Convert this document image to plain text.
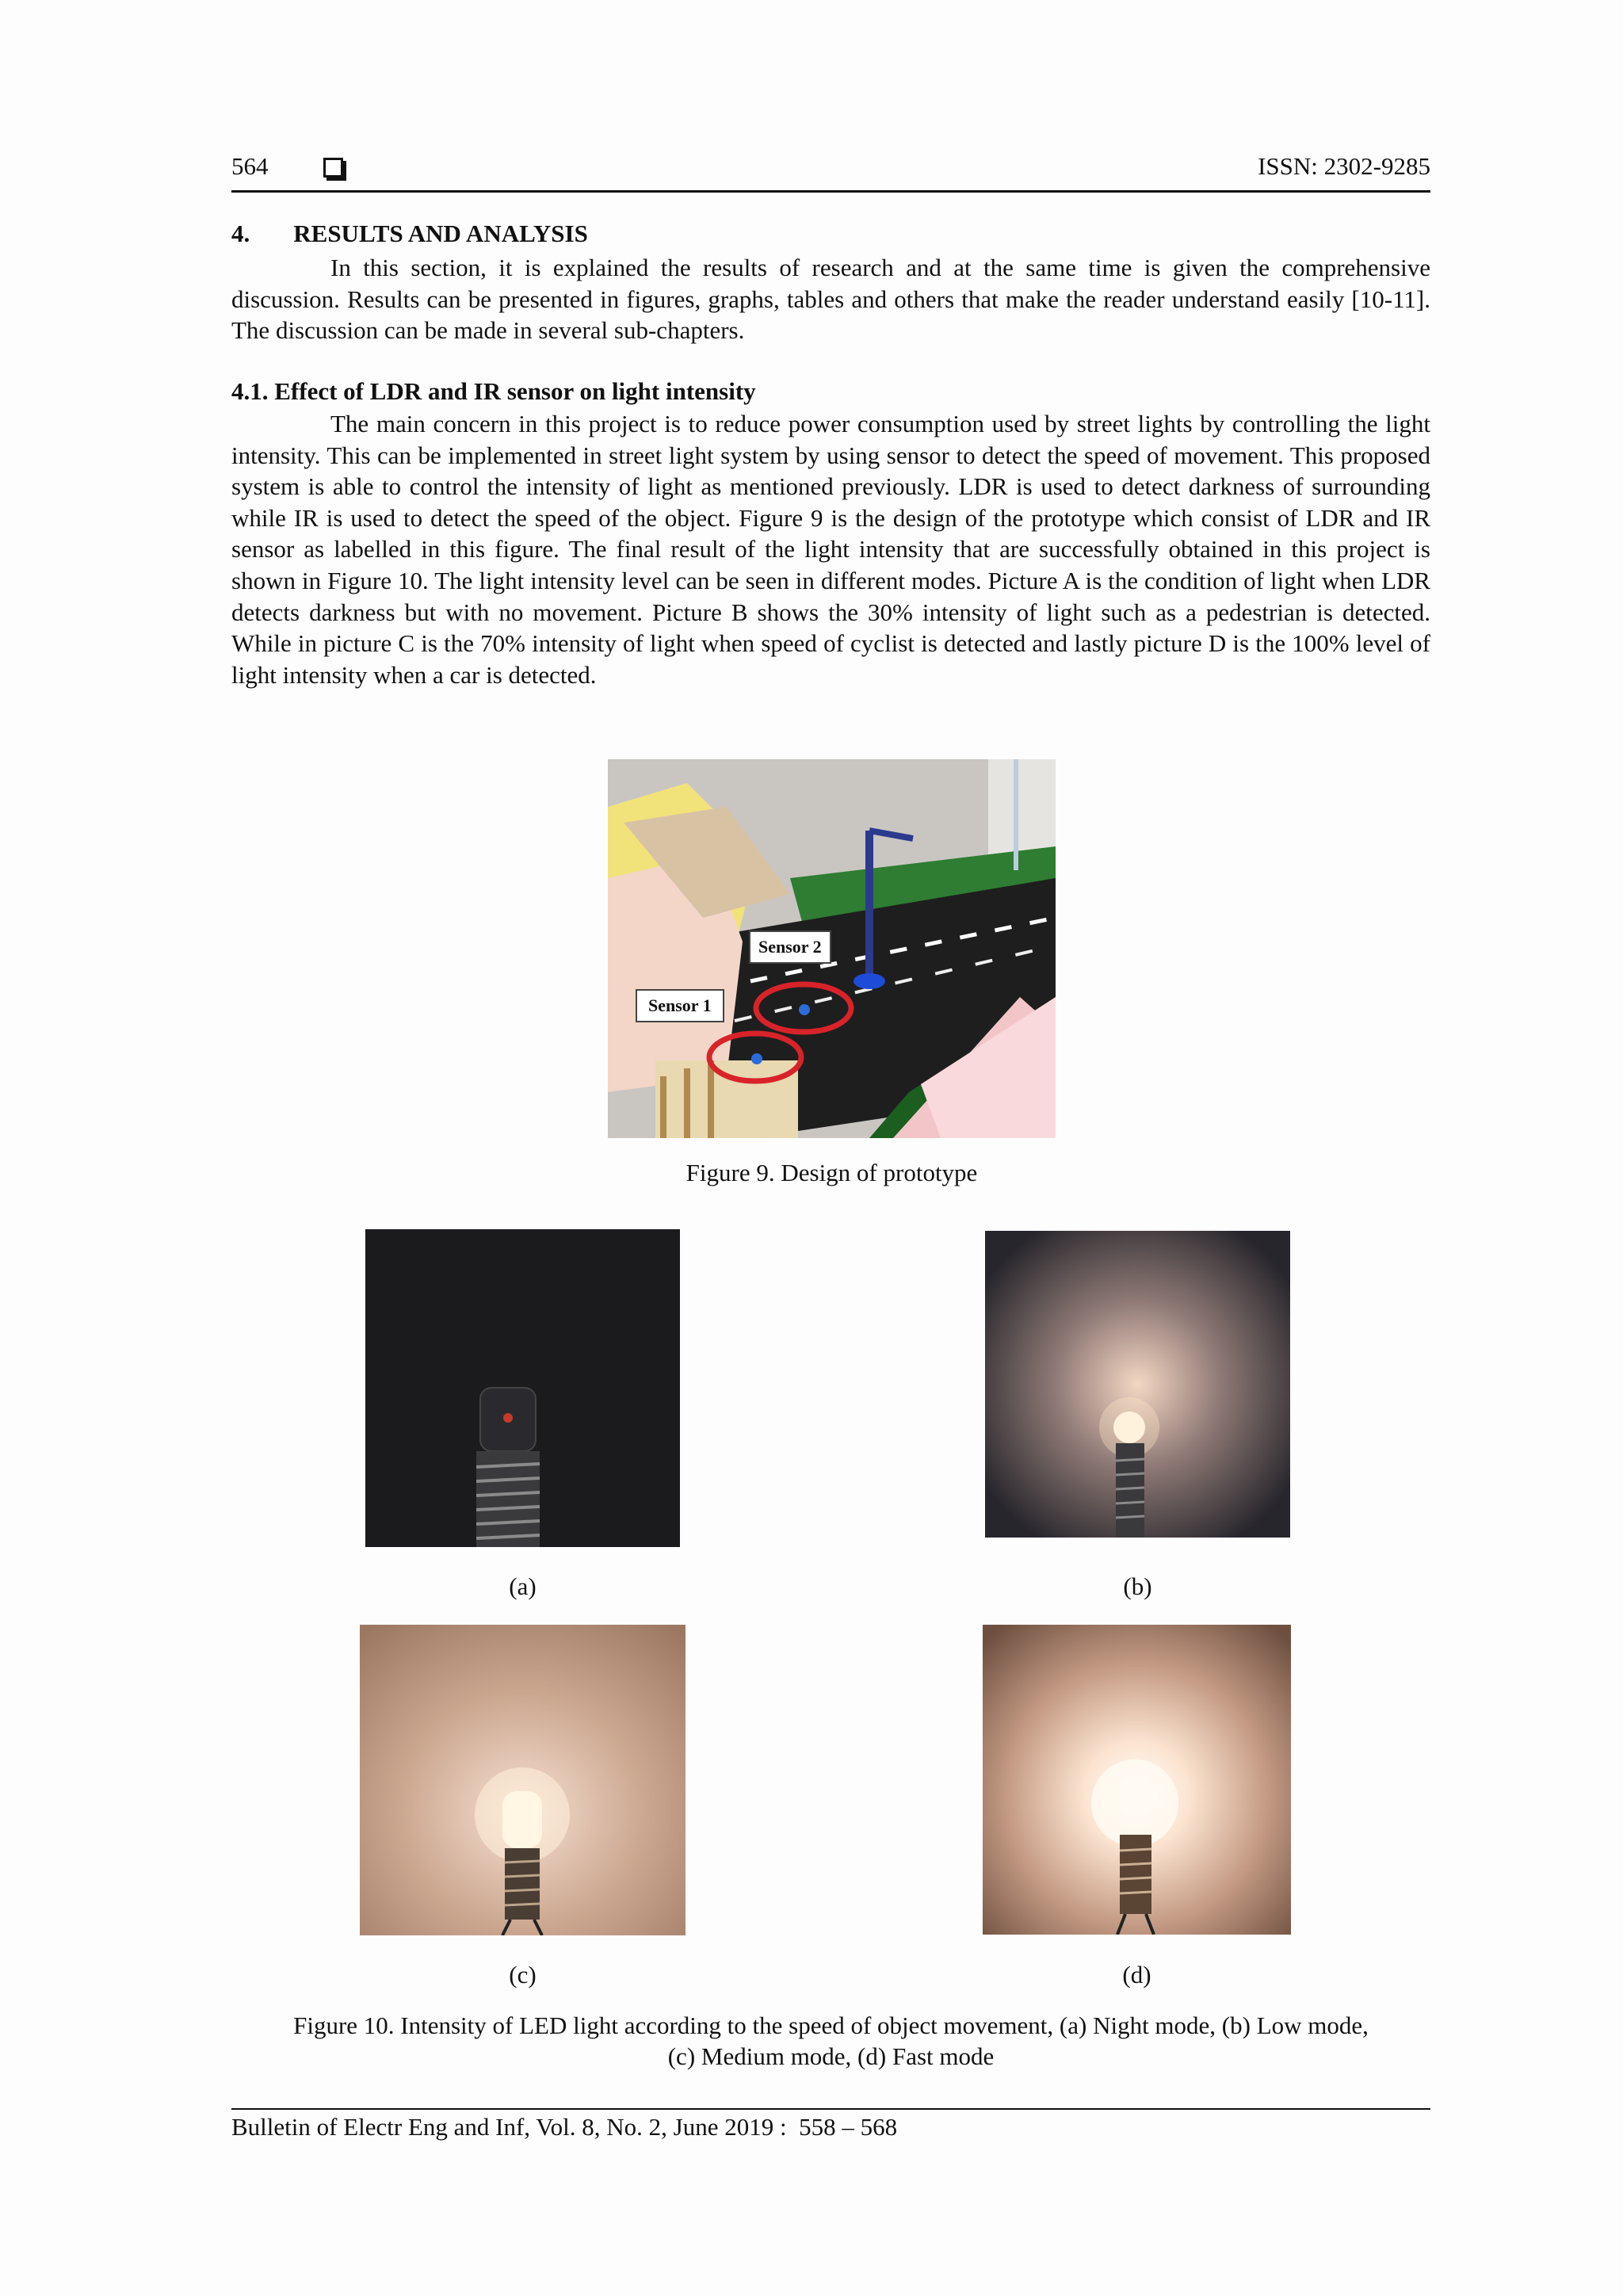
564	ISSN: 2302-9285
4. RESULTS AND ANALYSIS

In this section, it is explained the results of research and at the same time is given the comprehensive discussion. Results can be presented in figures, graphs, tables and others that make the reader understand easily [10-11]. The discussion can be made in several sub-chapters.

4.1. Effect of LDR and IR sensor on light intensity

The main concern in this project is to reduce power consumption used by street lights by controlling the light intensity. This can be implemented in street light system by using sensor to detect the speed of movement. This proposed system is able to control the intensity of light as mentioned previously. LDR is used to detect darkness of surrounding while IR is used to detect the speed of the object. Figure 9 is the design of the prototype which consist of LDR and IR sensor as labelled in this figure. The final result of the light intensity that are successfully obtained in this project is shown in Figure 10. The light intensity level can be seen in different modes. Picture A is the condition of light when LDR detects darkness but with no movement. Picture B shows the 30% intensity of light such as a pedestrian is detected. While in picture C is the 70% intensity of light when speed of cyclist is detected and lastly picture D is the 100% level of light intensity when a car is detected.

Sensor 2
Sensor 1
Figure 9. Design of prototype
(a)	(b)
(c)	(d)
Figure 10. Intensity of LED light according to the speed of object movement, (a) Night mode, (b) Low mode,
(c) Medium mode, (d) Fast mode
Bulletin of Electr Eng and Inf, Vol. 8, No. 2, June 2019 :  558 – 568
